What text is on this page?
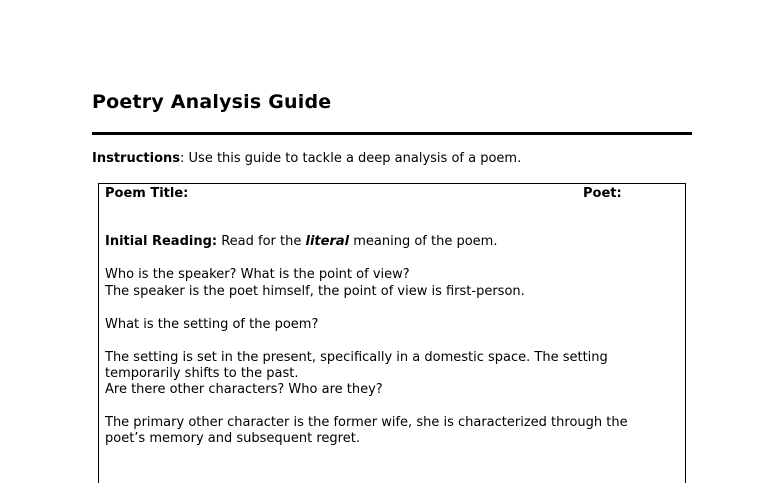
Poetry Analysis Guide
Instructions: Use this guide to tackle a deep analysis of a poem.
Poem Title:	Poet:
Initial Reading: Read for the literal meaning of the poem.
Who is the speaker? What is the point of view?
The speaker is the poet himself, the point of view is first-person.
What is the setting of the poem?
The setting is set in the present, specifically in a domestic space. The setting
temporarily shifts to the past.
Are there other characters? Who are they?
The primary other character is the former wife, she is characterized through the
poet’s memory and subsequent regret.
